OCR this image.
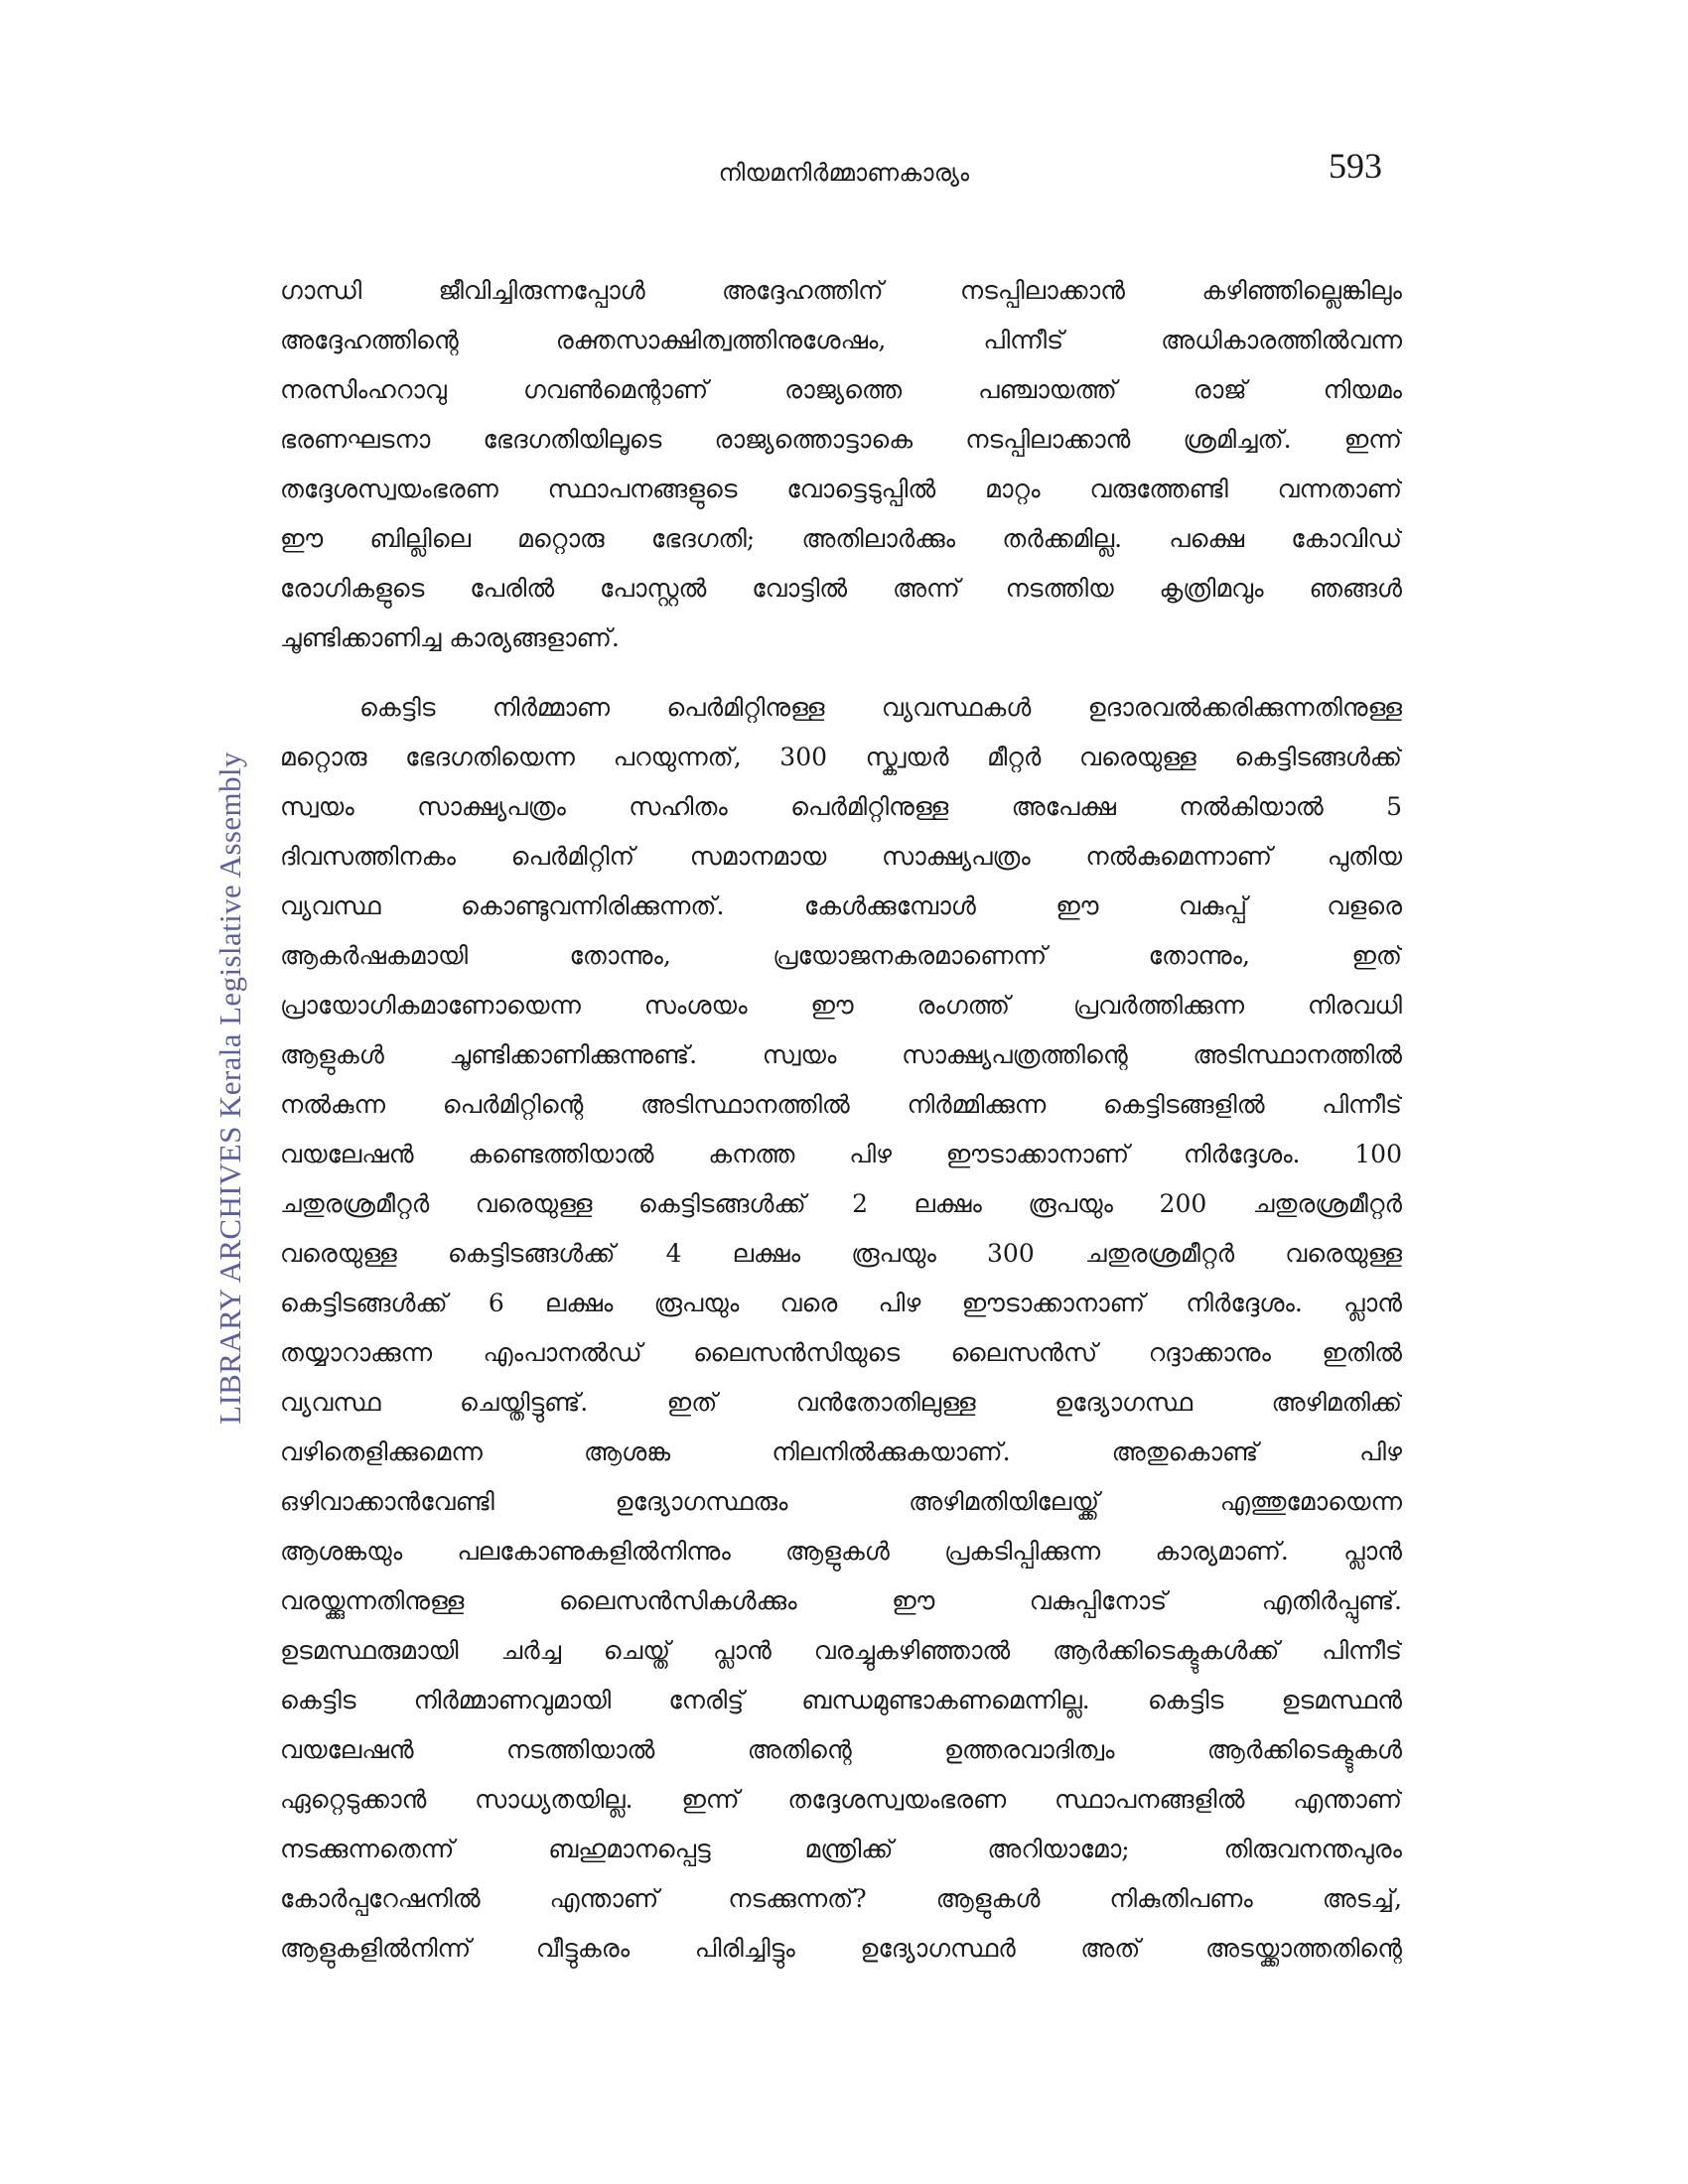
നിയമനിർമ്മാണകാര്യം	593
LIBRARY ARCHIVES Kerala Legislative Assembly
ഗാന്ധി ജീവിച്ചിരുന്നപ്പോൾ അദ്ദേഹത്തിന് നടപ്പിലാക്കാൻ കഴിഞ്ഞില്ലെങ്കിലും
അദ്ദേഹത്തിന്റെ രക്തസാക്ഷിത്വത്തിനുശേഷം, പിന്നീട് അധികാരത്തിൽവന്ന
നരസിംഹറാവു ഗവൺമെന്റാണ് രാജ്യത്തെ പഞ്ചായത്ത് രാജ് നിയമം
ഭരണഘടനാ ഭേദഗതിയിലൂടെ രാജ്യത്തൊട്ടാകെ നടപ്പിലാക്കാൻ ശ്രമിച്ചത്. ഇന്ന്
തദ്ദേശസ്വയംഭരണ സ്ഥാപനങ്ങളുടെ വോട്ടെടുപ്പിൽ മാറ്റം വരുത്തേണ്ടി വന്നതാണ്
ഈ ബില്ലിലെ മറ്റൊരു ഭേദഗതി; അതിലാർക്കും തർക്കമില്ല. പക്ഷെ കോവിഡ്
രോഗികളുടെ പേരിൽ പോസ്റ്റൽ വോട്ടിൽ അന്ന് നടത്തിയ കൃത്രിമവും ഞങ്ങൾ
ചൂണ്ടിക്കാണിച്ച കാര്യങ്ങളാണ്.
കെട്ടിട നിർമ്മാണ പെർമിറ്റിനുള്ള വ്യവസ്ഥകൾ ഉദാരവൽക്കരിക്കുന്നതിനുള്ള
മറ്റൊരു ഭേദഗതിയെന്ന പറയുന്നത്, 300 സ്ക്വയർ മീറ്റർ വരെയുള്ള കെട്ടിടങ്ങൾക്ക്
സ്വയം സാക്ഷ്യപത്രം സഹിതം പെർമിറ്റിനുള്ള അപേക്ഷ നൽകിയാൽ 5
ദിവസത്തിനകം പെർമിറ്റിന് സമാനമായ സാക്ഷ്യപത്രം നൽകുമെന്നാണ് പുതിയ
വ്യവസ്ഥ കൊണ്ടുവന്നിരിക്കുന്നത്. കേൾക്കുമ്പോൾ ഈ വകുപ്പ് വളരെ
ആകർഷകമായി തോന്നും, പ്രയോജനകരമാണെന്ന് തോന്നും, ഇത്
പ്രായോഗികമാണോയെന്ന സംശയം ഈ രംഗത്ത് പ്രവർത്തിക്കുന്ന നിരവധി
ആളുകൾ ചൂണ്ടിക്കാണിക്കുന്നുണ്ട്. സ്വയം സാക്ഷ്യപത്രത്തിന്റെ അടിസ്ഥാനത്തിൽ
നൽകുന്ന പെർമിറ്റിന്റെ അടിസ്ഥാനത്തിൽ നിർമ്മിക്കുന്ന കെട്ടിടങ്ങളിൽ പിന്നീട്
വയലേഷൻ കണ്ടെത്തിയാൽ കനത്ത പിഴ ഈടാക്കാനാണ് നിർദ്ദേശം. 100
ചതുരശ്രമീറ്റർ വരെയുള്ള കെട്ടിടങ്ങൾക്ക് 2 ലക്ഷം രൂപയും 200 ചതുരശ്രമീറ്റർ
വരെയുള്ള കെട്ടിടങ്ങൾക്ക് 4 ലക്ഷം രൂപയും 300 ചതുരശ്രമീറ്റർ വരെയുള്ള
കെട്ടിടങ്ങൾക്ക് 6 ലക്ഷം രൂപയും വരെ പിഴ ഈടാക്കാനാണ് നിർദ്ദേശം. പ്ലാൻ
തയ്യാറാക്കുന്ന എംപാനൽഡ് ലൈസൻസിയുടെ ലൈസൻസ് റദ്ദാക്കാനും ഇതിൽ
വ്യവസ്ഥ ചെയ്തിട്ടുണ്ട്. ഇത് വൻതോതിലുള്ള ഉദ്യോഗസ്ഥ അഴിമതിക്ക്
വഴിതെളിക്കുമെന്ന ആശങ്ക നിലനിൽക്കുകയാണ്. അതുകൊണ്ട് പിഴ
ഒഴിവാക്കാൻവേണ്ടി ഉദ്യോഗസ്ഥരും അഴിമതിയിലേയ്ക്ക് എത്തുമോയെന്ന
ആശങ്കയും പലകോണുകളിൽനിന്നും ആളുകൾ പ്രകടിപ്പിക്കുന്ന കാര്യമാണ്. പ്ലാൻ
വരയ്ക്കുന്നതിനുള്ള ലൈസൻസികൾക്കും ഈ വകുപ്പിനോട് എതിർപ്പുണ്ട്.
ഉടമസ്ഥരുമായി ചർച്ച ചെയ്ത് പ്ലാൻ വരച്ചുകഴിഞ്ഞാൽ ആർക്കിടെക്ടുകൾക്ക് പിന്നീട്
കെട്ടിട നിർമ്മാണവുമായി നേരിട്ട് ബന്ധമുണ്ടാകണമെന്നില്ല. കെട്ടിട ഉടമസ്ഥൻ
വയലേഷൻ നടത്തിയാൽ അതിന്റെ ഉത്തരവാദിത്വം ആർക്കിടെക്ടുകൾ
ഏറ്റെടുക്കാൻ സാധ്യതയില്ല. ഇന്ന് തദ്ദേശസ്വയംഭരണ സ്ഥാപനങ്ങളിൽ എന്താണ്
നടക്കുന്നതെന്ന് ബഹുമാനപ്പെട്ട മന്ത്രിക്ക് അറിയാമോ; തിരുവനന്തപുരം
കോർപ്പറേഷനിൽ എന്താണ് നടക്കുന്നത്? ആളുകൾ നികുതിപണം അടച്ച്,
ആളുകളിൽനിന്ന് വീട്ടുകരം പിരിച്ചിട്ടും ഉദ്യോഗസ്ഥർ അത് അടയ്ക്കാത്തതിന്റെ
